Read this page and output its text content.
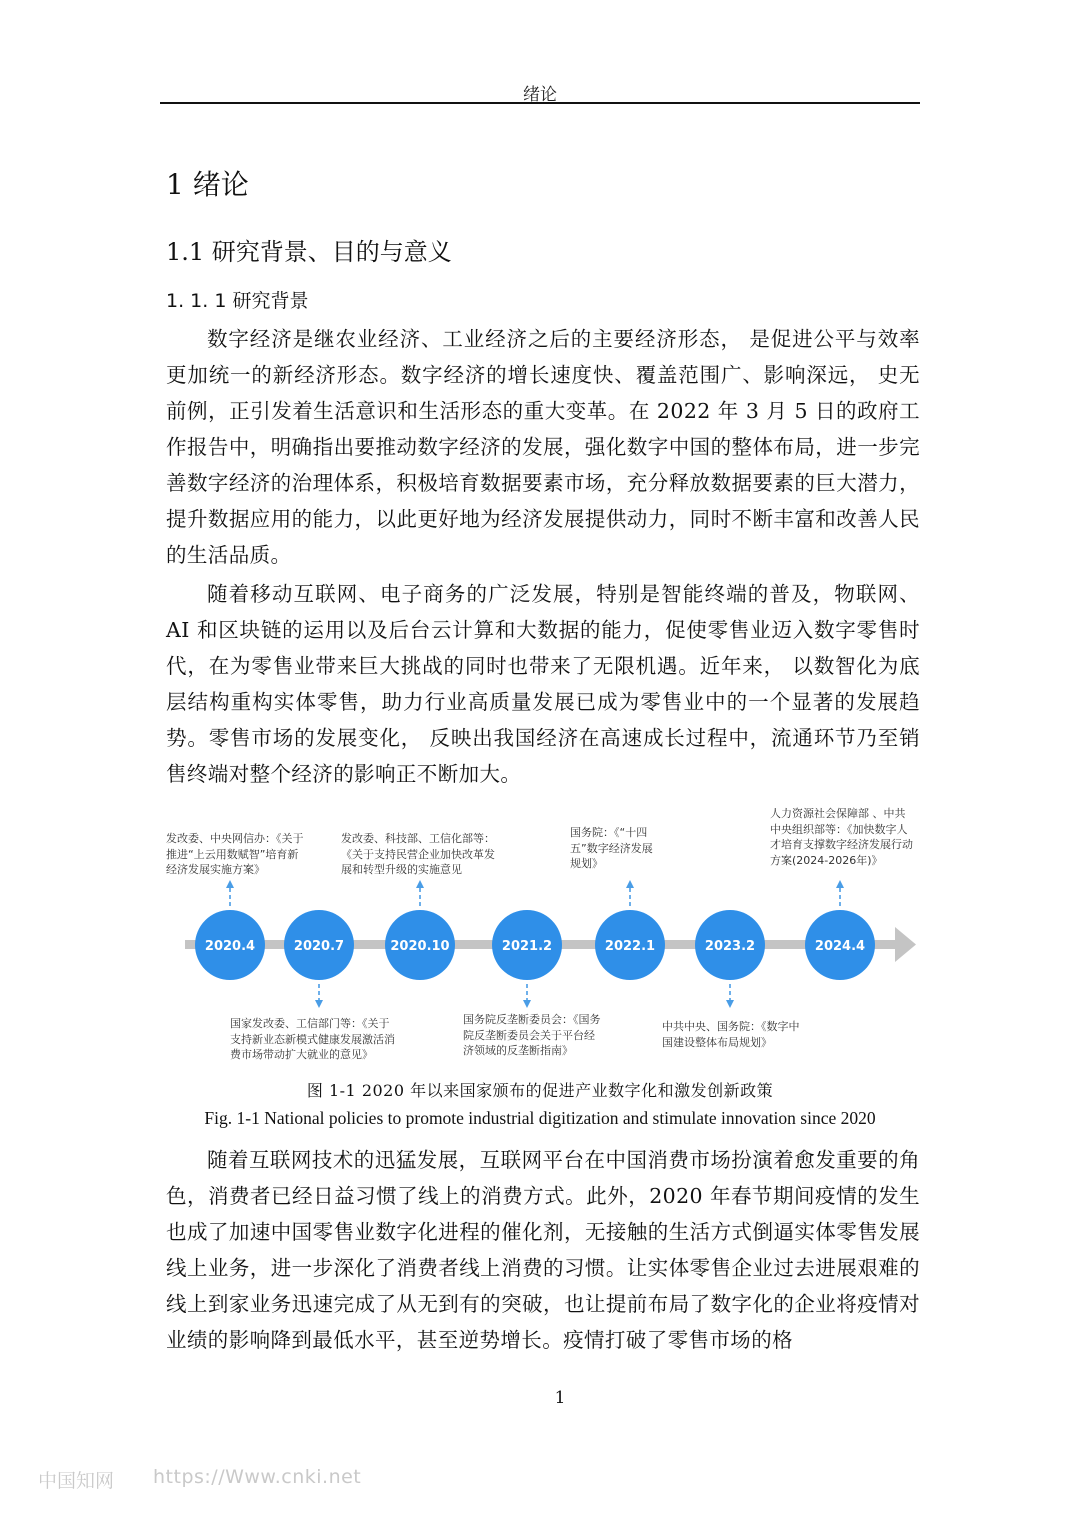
绪论
1 绪论
1.1 研究背景、目的与意义
1. 1. 1 研究背景

数字经济是继农业经济、工业经济之后的主要经济形态， 是促进公平与效率更加统一的新经济形态。数字经济的增长速度快、覆盖范围广、影响深远， 史无前例，正引发着生活意识和生活形态的重大变革。在 2022 年 3 月 5 日的政府工作报告中，明确指出要推动数字经济的发展，强化数字中国的整体布局，进一步完善数字经济的治理体系，积极培育数据要素市场，充分释放数据要素的巨大潜力，提升数据应用的能力，以此更好地为经济发展提供动力，同时不断丰富和改善人民的生活品质。

随着移动互联网、电子商务的广泛发展，特别是智能终端的普及，物联网、AI 和区块链的运用以及后台云计算和大数据的能力，促使零售业迈入数字零售时代，在为零售业带来巨大挑战的同时也带来了无限机遇。近年来， 以数智化为底层结构重构实体零售，助力行业高质量发展已成为零售业中的一个显著的发展趋势。零售市场的发展变化， 反映出我国经济在高速成长过程中，流通环节乃至销售终端对整个经济的影响正不断加大。

2020.4	2020.7	2020.10	2021.2	2022.1	2023.2	2024.4
发改委、中央网信办：《关于推进“上云用数赋智”培育新经济发展实施方案》
国家发改委、工信部门等：《关于支持新业态新模式健康发展激活消费市场带动扩大就业的意见》
发改委、科技部、工信化部等：《关于支持民营企业加快改革发展和转型升级的实施意见
国务院反垄断委员会：《国务院反垄断委员会关于平台经济领域的反垄断指南》
国务院：《“十四五”数字经济发展规划》
中共中央、国务院：《数字中国建设整体布局规划》
人力资源社会保障部 、中共中央组织部等：《加快数字人才培育支撑数字经济发展行动方案(2024-2026年)》
图 1-1 2020 年以来国家颁布的促进产业数字化和激发创新政策
Fig. 1-1 National policies to promote industrial digitization and stimulate innovation since 2020

随着互联网技术的迅猛发展，互联网平台在中国消费市场扮演着愈发重要的角色，消费者已经日益习惯了线上的消费方式。此外，2020 年春节期间疫情的发生也成了加速中国零售业数字化进程的催化剂，无接触的生活方式倒逼实体零售发展线上业务，进一步深化了消费者线上消费的习惯。让实体零售企业过去进展艰难的线上到家业务迅速完成了从无到有的突破，也让提前布局了数字化的企业将疫情对业绩的影响降到最低水平，甚至逆势增长。疫情打破了零售市场的格

1
中国知网 https://Www.cnki.net
